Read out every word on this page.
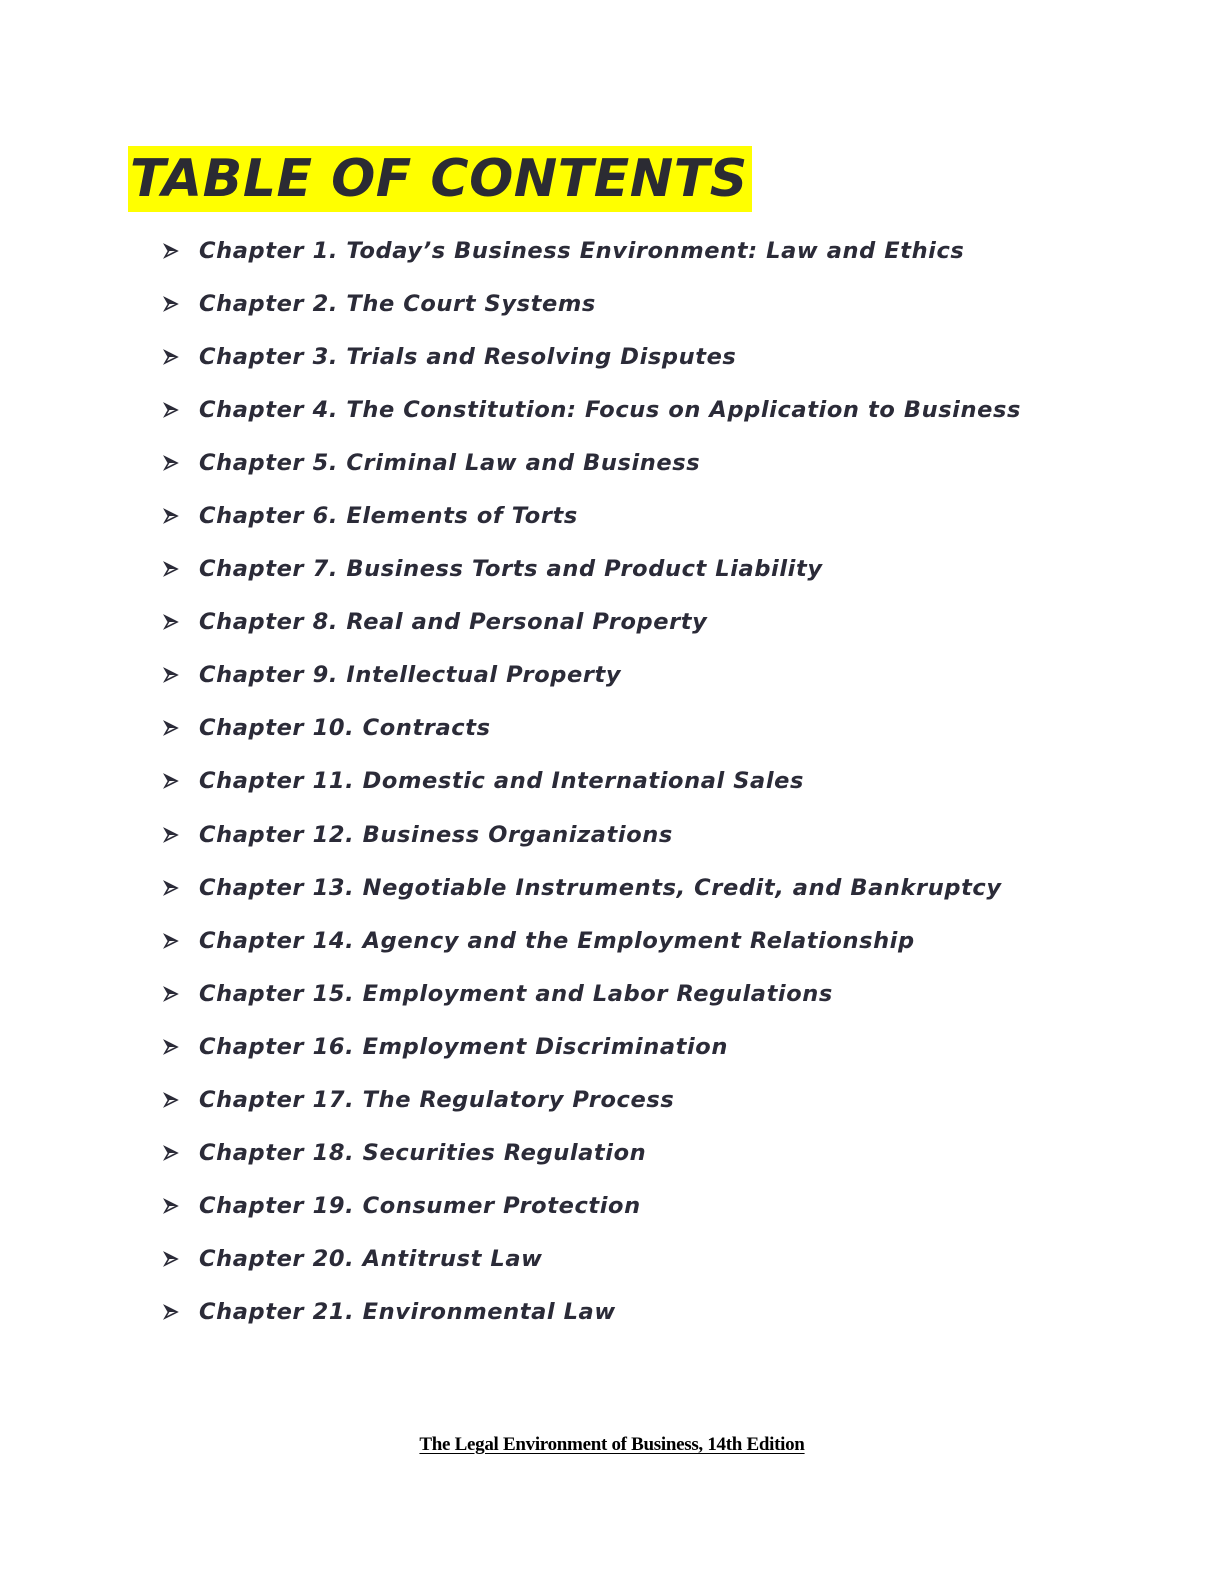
TABLE OF CONTENTS
Chapter 1. Today’s Business Environment: Law and Ethics
Chapter 2. The Court Systems
Chapter 3. Trials and Resolving Disputes
Chapter 4. The Constitution: Focus on Application to Business
Chapter 5. Criminal Law and Business
Chapter 6. Elements of Torts
Chapter 7. Business Torts and Product Liability
Chapter 8. Real and Personal Property
Chapter 9. Intellectual Property
Chapter 10. Contracts
Chapter 11. Domestic and International Sales
Chapter 12. Business Organizations
Chapter 13. Negotiable Instruments, Credit, and Bankruptcy
Chapter 14. Agency and the Employment Relationship
Chapter 15. Employment and Labor Regulations
Chapter 16. Employment Discrimination
Chapter 17. The Regulatory Process
Chapter 18. Securities Regulation
Chapter 19. Consumer Protection
Chapter 20. Antitrust Law
Chapter 21. Environmental Law
The Legal Environment of Business, 14th Edition
